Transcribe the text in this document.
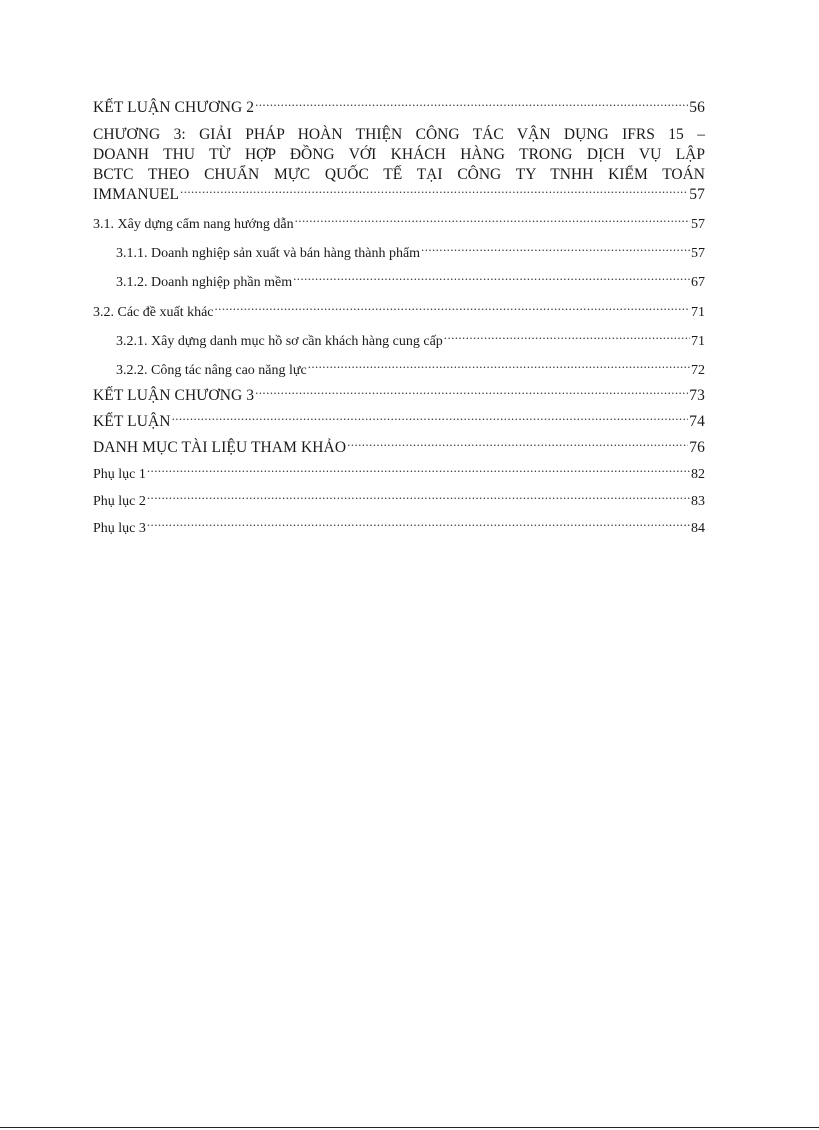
KẾT LUẬN CHƯƠNG 2 .....	56
CHƯƠNG 3: GIẢI PHÁP HOÀN THIỆN CÔNG TÁC VẬN DỤNG IFRS 15 –
DOANH THU TỪ HỢP ĐỒNG VỚI KHÁCH HÀNG TRONG DỊCH VỤ LẬP
BCTC THEO CHUẨN MỰC QUỐC TẾ TẠI CÔNG TY TNHH KIỂM TOÁN
IMMANUEL .....	57
3.1. Xây dựng cẩm nang hướng dẫn .....	57
3.1.1. Doanh nghiệp sản xuất và bán hàng thành phẩm .....	57
3.1.2. Doanh nghiệp phần mềm .....	67
3.2. Các đề xuất khác .....	71
3.2.1. Xây dựng danh mục hồ sơ cần khách hàng cung cấp .....	71
3.2.2. Công tác nâng cao năng lực .....	72
KẾT LUẬN CHƯƠNG 3 .....	73
KẾT LUẬN .....	74
DANH MỤC TÀI LIỆU THAM KHẢO .....	76
Phụ lục 1 .....	82
Phụ lục 2 .....	83
Phụ lục 3 .....	84
